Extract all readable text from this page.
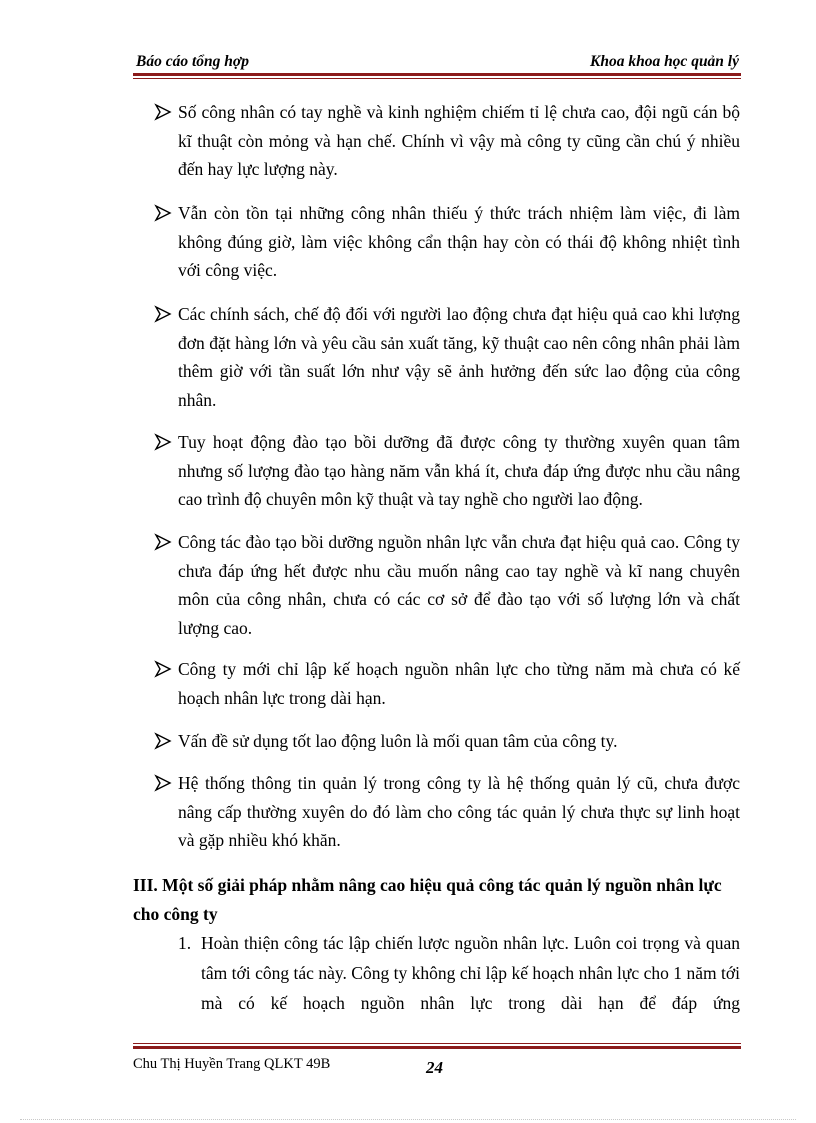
Báo cáo tổng hợp	Khoa khoa học quản lý
Số công nhân có tay nghề và kinh nghiệm chiếm tỉ lệ chưa cao, đội ngũ cán bộ kĩ thuật còn mỏng và hạn chế. Chính vì vậy mà công ty cũng cần chú ý nhiều đến hay lực lượng này.
Vẫn còn tồn tại những công nhân thiếu ý thức trách nhiệm làm việc, đi làm không đúng giờ, làm việc không cẩn thận hay còn có thái độ không nhiệt tình với công việc.
Các chính sách, chế độ đối với người lao động chưa đạt hiệu quả cao khi lượng đơn đặt hàng lớn và yêu cầu sản xuất tăng, kỹ thuật cao nên công nhân phải làm thêm giờ với tần suất lớn như vậy sẽ ảnh hưởng đến sức lao động của công nhân.
Tuy hoạt động đào tạo bồi dưỡng đã được công ty thường xuyên quan tâm nhưng số lượng đào tạo hàng năm vẫn khá ít, chưa đáp ứng được nhu cầu nâng cao trình độ chuyên môn kỹ thuật và tay nghề cho người lao động.
Công tác đào tạo bồi dưỡng nguồn nhân lực vẫn chưa đạt hiệu quả cao. Công ty chưa đáp ứng hết được nhu cầu muốn nâng cao tay nghề và kĩ nang chuyên môn của công nhân, chưa có các cơ sở để đào tạo với số lượng lớn và chất lượng cao.
Công ty mới chỉ lập kế hoạch nguồn nhân lực cho từng năm mà chưa có kế hoạch nhân lực trong dài hạn.
Vấn đề sử dụng tốt lao động luôn là mối quan tâm của công ty.
Hệ thống thông tin quản lý trong công ty là hệ thống quản lý cũ, chưa được nâng cấp thường xuyên do đó làm cho công tác quản lý chưa thực sự linh hoạt và gặp nhiều khó khăn.
III. Một số giải pháp nhằm nâng cao hiệu quả công tác quản lý nguồn nhân lực cho công ty
1. Hoàn thiện công tác lập chiến lược nguồn nhân lực. Luôn coi trọng và quan tâm tới công tác này. Công ty không chỉ lập kế hoạch nhân lực cho 1 năm tới mà có kế hoạch nguồn nhân lực trong dài hạn để đáp ứng
Chu Thị Huyền Trang QLKT 49B	24
